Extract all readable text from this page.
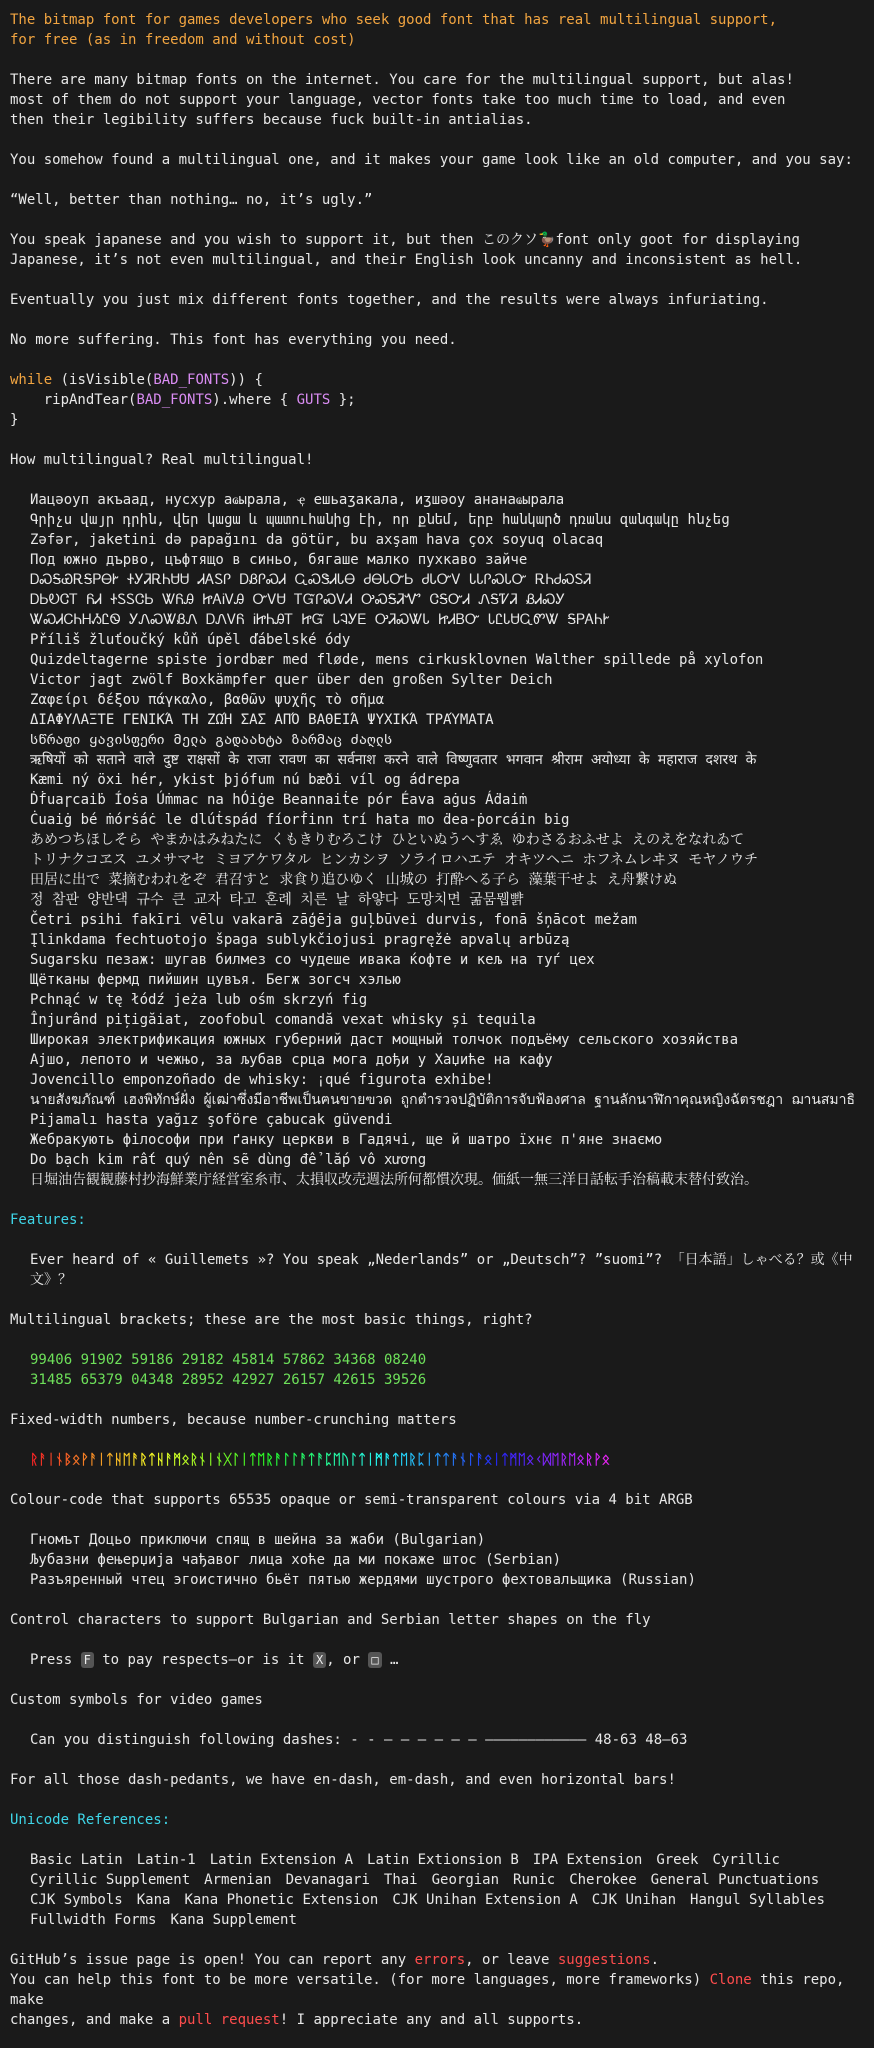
The bitmap font for games developers who seek good font that has real multilingual support,
for free (as in freedom and without cost)
There are many bitmap fonts on the internet. You care for the multilingual support, but alas!
most of them do not support your language, vector fonts take too much time to load, and even
then their legibility suffers because fuck built-in antialias.
You somehow found a multilingual one, and it makes your game look like an old computer, and you say:
“Well, better than nothing… no, it’s ugly.”
You speak japanese and you wish to support it, but then このクソ🦆font only goot for displaying
Japanese, it’s not even multilingual, and their English look uncanny and inconsistent as hell.
Eventually you just mix different fonts together, and the results were always infuriating.
No more suffering. This font has everything you need.
while (isVisible(BAD_FONTS)) {
ripAndTear(BAD_FONTS).where { GUTS };
}
How multilingual? Real multilingual!
Иацәоуп акъаад, нусхур аҩырала, ҿ ешьаӡакала, иӡшәоу ананаҩырала
Գրիչս վայր դրին, վեր կացա և պատուհանից էի, որ քնեմ, երբ հանկարծ դռանս զանգակը հնչեց
Zəfər, jaketini də papağını da götür, bu axşam hava çox soyuq olacaq
Под южно дърво, цъфтящо в синьо, бягаше малко пухкаво зайче
ᎠᏍᎦᏯᎡᎦᏢᎾᎨ ᏐᎩᏘᎡᏂᏌᏌ ᏗᎪᏚᎵ ᎠᏰᎵᏍᏗ ᏩᏍᏕᏗᏓᎾ ᏧᎾᏓᏅᏏ ᏧᏓᏅᏙ ᏓᏓᎵᏍᏓᏅ ᎡᏂᏧᏍᏚᏘ
ᎠᏏᎧᏣᎢ ᏲᏗ ᏐᏚᏚᏣᏏ ᏔᏲᎯ ᏥᎪᎥᏙᎯ ᏅᏙᏌ ᎢᏳᎵᏍᏙᏗ ᎤᏍᎦᏘᏉ ᏣᎦᏅᏗ ᏁᎦᏤᏘ ᏰᏗᏍᎩ
ᏔᏍᏗᏟᏂᎻᏱᏝᏫ ᎩᏁᏍᏔᏰᏁ ᎠᏁᏙᏲ ᎥᏥᏂᎯᎢ ᏥᏳ ᏓᎸᎩᎬ ᎤᏘᏍᏔᏓ ᏥᏗᏴᏅ ᏓᏝᏓᏌᏩᏛᏔ ᎦᏢᎪᏂᎨ
Příliš žluťoučký kůň úpěl ďábelské ódy
Quizdeltagerne spiste jordbær med fløde, mens cirkusklovnen Walther spillede på xylofon
Victor jagt zwölf Boxkämpfer quer über den großen Sylter Deich
Ζαφείρι δέξου πάγκαλο, βαθῶν ψυχῆς τὸ σῆμα
ΔΙΑΦΥΛΑΞΤΕ ΓΕΝΙΚΆ ΤΗ ΖΩΉ ΣΑΣ ΑΠΌ ΒΑΘΕΙΆ ΨΥΧΙΚΆ ΤΡΑΎΜΑΤΑ
სწრაფი ყავისფერი მელა გადაახტა ზარმაც ძაღლს
ऋषियों को सताने वाले दुष्ट राक्षसों के राजा रावण का सर्वनाश करने वाले विष्णुवतार भगवान श्रीराम अयोध्या के महाराज दशरथ के
Kæmi ný öxi hér, ykist þjófum nú bæði víl og ádrepa
Ḋḟuaɼcaiḃ Íoṡa Úṁmac na hÓiġe Beannaiṫe pór Éava aġus Áḋaiṁ
Ċuaiġ bé ṁórṡáċ le dlúṫspád fíorḟinn trí hata mo ḋea-ṗorcáin big
あめつちほしそら やまかはみねたに くもきりむろこけ ひといぬうへすゑ ゆわさるおふせよ えのえをなれゐて
トリナクコヱス ユメサマセ ミヨアケワタル ヒンカシヲ ソライロハエテ オキツヘニ ホフネムレヰヌ モヤノウチ
田居に出で 菜摘むわれをぞ 君召すと 求食り追ひゆく 山城の 打酔へる子ら 藻葉干せよ え舟繋けぬ
정 참판 양반댁 규수 큰 교자 타고 혼례 치른 날 하얗다 도망치면 굶뭄뭽뺡
Četri psihi fakīri vēlu vakarā zāģēja guļbūvei durvis, fonā šņācot mežam
Įlinkdama fechtuotojo špaga sublykčiojusi pragręžė apvalų arbūzą
Sugarsku пезаж: шугав билмез со чудеше ивака ќофте и кељ на туѓ цех
Щётканы фермд пийшин цувъя. Бегж зогсч хэлью
Pchnąć w tę łódź jeża lub ośm skrzyń fig
Înjurând pițigăiat, zoofobul comandă vexat whisky și tequila
Широкая электрификация южных губерний даст мощный толчок подъёму сельского хозяйства
Ајшо, лепото и чежњо, за љубав срца мога дођи у Хаџиће на кафу
Jovencillo emponzoñado de whisky: ¡qué figurota exhibe!
นายสังฆภัณฑ์ เฮงพิทักษ์ฝั่ง ผู้เฒ่าซึ่งมีอาชีพเป็นฅนขายฃวด ถูกตำรวจปฏิบัติการจับฟ้องศาล ฐานลักนาฬิกาคุณหญิงฉัตรชฎา ฌานสมาธิ
Pijamalı hasta yağız şoföre çabucak güvendi
Жебракують філософи при ґанку церкви в Гадячі, ще й шатро їхнє п'яне знаємо
Do bạch kim rất quý nên sẽ dùng để lắp vô xương
日堀油告観観藤村抄海鮮業庁経営室糸市、太損収改売週法所何都慣次現。価紙一無三洋日話転手治稿載末替付致治。
Features:
Ever heard of « Guillemets »? You speak „Nederlands” or „Deutsch”? ”suomi”? 「日本語」しゃべる？或《中文》？
Multilingual brackets; these are the most basic things, right?
99406 91902 59186 29182 45814 57862 34368 08240
31485 65379 04348 28952 42927 26157 42615 39526
Fixed-width numbers, because number-crunching matters
ᚱᚨᛁᚾᛒᛟᚹᚨᛁᛏᚺᛖᚨᚱᛏᚺᚨᛗᛟᚱᚾᛁᚾᚷᛚᛁᛏᛖᚱᚨᛚᛚᚨᛏᚨᛈᛖᚢᛚᛏᛁᛗᚨᛏᛖᚱᛈᛁᛏᛏᚨᚾᛚᚨᛟᛁᛏᛗᛖᛟᚲᛞᛖᚱᛖᛟᚱᚹᛟ
Colour-code that supports 65535 opaque or semi-transparent colours via 4 bit ARGB
Гномът Доцьо приключи спящ в шейна за жаби (Bulgarian)
Љубазни фењерџија чађавог лица хоће да ми покаже штос (Serbian)
Разъяренный чтец эгоистично бьёт пятью жердями шустрого фехтовальщика (Russian)
Control characters to support Bulgarian and Serbian letter shapes on the fly
Press F to pay respects—or is it X , or □ …
Custom symbols for video games
Can you distinguish following dashes: - - – – – – – — ———————————— 48-63 48–63
For all those dash-pedants, we have en-dash, em-dash, and even horizontal bars!
Unicode References:
Basic Latin Latin-1 Latin Extension A Latin Extionsion B IPA Extension Greek Cyrillic
Cyrillic Supplement Armenian Devanagari Thai Georgian Runic Cherokee General Punctuations
CJK Symbols Kana Kana Phonetic Extension CJK Unihan Extension A CJK Unihan Hangul Syllables
Fullwidth Forms Kana Supplement
GitHub’s issue page is open! You can report any errors, or leave suggestions.
You can help this font to be more versatile. (for more languages, more frameworks) Clone this repo, make
changes, and make a pull request! I appreciate any and all supports.
